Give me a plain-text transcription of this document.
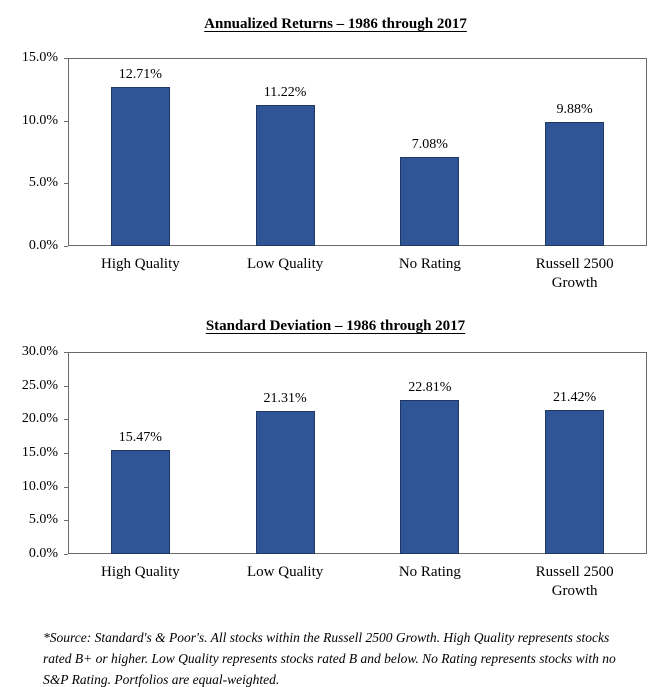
Annualized Returns – 1986 through 2017
0.0%
5.0%
10.0%
15.0%
12.71%
High Quality
11.22%
Low Quality
7.08%
No Rating
9.88%
Russell 2500 Growth
Standard Deviation – 1986 through 2017
0.0%
5.0%
10.0%
15.0%
20.0%
25.0%
30.0%
15.47%
High Quality
21.31%
Low Quality
22.81%
No Rating
21.42%
Russell 2500 Growth
*Source: Standard's & Poor's. All stocks within the Russell 2500 Growth. High Quality represents stocks
rated B+ or higher. Low Quality represents stocks rated B and below. No Rating represents stocks with no
S&P Rating. Portfolios are equal-weighted.
